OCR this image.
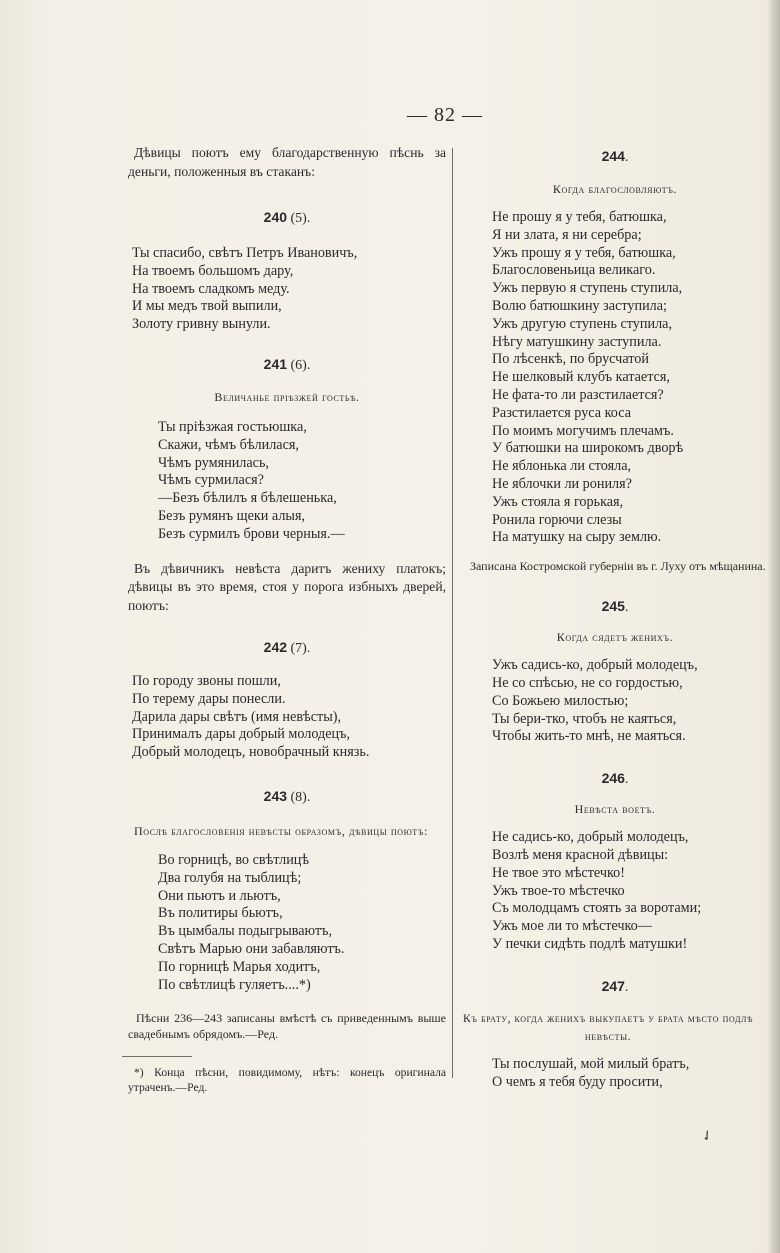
— 82 —

Дѣвицы поютъ ему благодарственную пѣснь за деньги, положенныя въ стаканъ:

240 (5).

Ты спасибо, свѣтъ Петръ Ивановичъ,
На твоемъ большомъ дару,
На твоемъ сладкомъ меду.
И мы медъ твой выпили,
Золоту гривну вынули.

241 (6).

Величанье пріѣзжей гостьѣ.

Ты пріѣзжая гостьюшка,
Скажи, чѣмъ бѣлилася,
Чѣмъ румянилась,
Чѣмъ сурмилася?
—Безъ бѣлилъ я бѣлешенька,
Безъ румянъ щеки алыя,
Безъ сурмилъ брови черныя.—

Въ дѣвичникъ невѣста даритъ жениху платокъ; дѣвицы въ это время, стоя у порога избныхъ дверей, поютъ:

242 (7).

По городу звоны пошли,
По терему дары понесли.
Дарила дары свѣтъ (имя невѣсты),
Принималъ дары добрый молодецъ,
Добрый молодецъ, новобрачный князь.

243 (8).

Послѣ благословенія невѣсты образомъ, дѣвицы поютъ:

Во горницѣ, во свѣтлицѣ
Два голубя на тыблицѣ;
Они пьютъ и льютъ,
Въ политиры бьютъ,
Въ цымбалы подыгрываютъ,
Свѣтъ Марью они забавляютъ.
По горницѣ Марья ходитъ,
По свѣтлицѣ гуляетъ....*)

Пѣсни 236—243 записаны вмѣстѣ съ приведеннымъ выше свадебнымъ обрядомъ.—Ред.

*) Конца пѣсни, повидимому, нѣтъ: конецъ оригинала утраченъ.—Ред.

244.

Когда благословляютъ.

Не прошу я у тебя, батюшка,
Я ни злата, я ни серебра;
Ужъ прошу я у тебя, батюшка,
Благословеньица великаго.
Ужъ первую я ступень ступила,
Волю батюшкину заступила;
Ужъ другую ступень ступила,
Нѣгу матушкину заступила.
По лѣсенкѣ, по брусчатой
Не шелковый клубъ катается,
Не фата-то ли разстилается?
Разстилается руса коса
По моимъ могучимъ плечамъ.
У батюшки на широкомъ дворѣ
Не яблонька ли стояла,
Не яблочки ли рониля?
Ужъ стояла я горькая,
Ронила горючи слезы
На матушку на сыру землю.

Записана Костромской губерніи въ г. Луху отъ мѣщанина.

245.

Когда сядетъ женихъ.

Ужъ садись-ко, добрый молодецъ,
Не со спѣсью, не со гордостью,
Со Божьею милостью;
Ты бери-тко, чтобъ не каяться,
Чтобы жить-то мнѣ, не маяться.

246.

Невѣста воетъ.

Не садись-ко, добрый молодецъ,
Возлѣ меня красной дѣвицы:
Не твое это мѣстечко!
Ужъ твое-то мѣстечко
Съ молодцамъ стоять за воротами;
Ужъ мое ли то мѣстечко—
У печки сидѣть подлѣ матушки!

247.

Къ брату, когда женихъ выкупаетъ у брата мѣсто подлѣ невѣсты.

Ты послушай, мой милый братъ,
О чемъ я тебя буду просити,
✓
